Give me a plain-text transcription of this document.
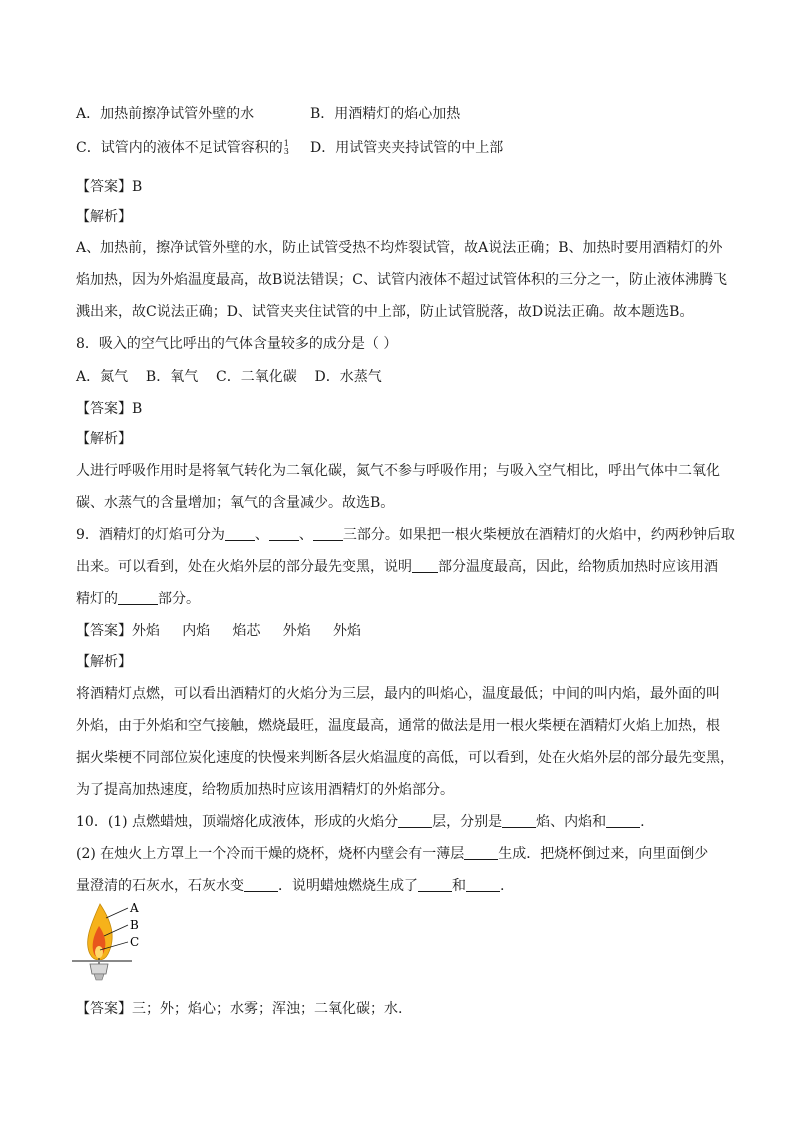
A．加热前擦净试管外壁的水	B．用酒精灯的焰心加热
C．试管内的液体不足试管容积的 1
3 D．用试管夹夹持试管的中上部
【答案】B
【解析】
A、加热前，擦净试管外壁的水，防止试管受热不均炸裂试管，故A说法正确；B、加热时要用酒精灯的外
焰加热，因为外焰温度最高，故B说法错误；C、试管内液体不超过试管体积的三分之一，防止液体沸腾飞
溅出来，故C说法正确；D、试管夹夹住试管的中上部，防止试管脱落，故D说法正确。故本题选B。
8．吸入的空气比呼出的气体含量较多的成分是（ ）
A．氮气    B．氧气    C．二氧化碳    D．水蒸气
【答案】B
【解析】
人进行呼吸作用时是将氧气转化为二氧化碳，氮气不参与呼吸作用；与吸入空气相比，呼出气体中二氧化
碳、水蒸气的含量增加；氧气的含量减少。故选B。
9．酒精灯的灯焰可分为 、 、 三部分。如果把一根火柴梗放在酒精灯的火焰中，约两秒钟后取
出来。可以看到，处在火焰外层的部分最先变黑，说明 部分温度最高，因此，给物质加热时应该用酒
精灯的	部分。
【答案】外焰     内焰     焰芯     外焰     外焰
【解析】
将酒精灯点燃，可以看出酒精灯的火焰分为三层，最内的叫焰心，温度最低；中间的叫内焰，最外面的叫
外焰，由于外焰和空气接触，燃烧最旺，温度最高，通常的做法是用一根火柴梗在酒精灯火焰上加热，根
据火柴梗不同部位炭化速度的快慢来判断各层火焰温度的高低，可以看到，处在火焰外层的部分最先变黑，
为了提高加热速度，给物质加热时应该用酒精灯的外焰部分。
10．(1) 点燃蜡烛，顶端熔化成液体，形成的火焰分 层，分别是 焰、内焰和 .
(2) 在烛火上方罩上一个冷而干燥的烧杯，烧杯内壁会有一薄层 生成．把烧杯倒过来，向里面倒少
量澄清的石灰水，石灰水变 ．说明蜡烛燃烧生成了 和 .
A
B
C
【答案】三；外；焰心；水雾；浑浊；二氧化碳；水.
